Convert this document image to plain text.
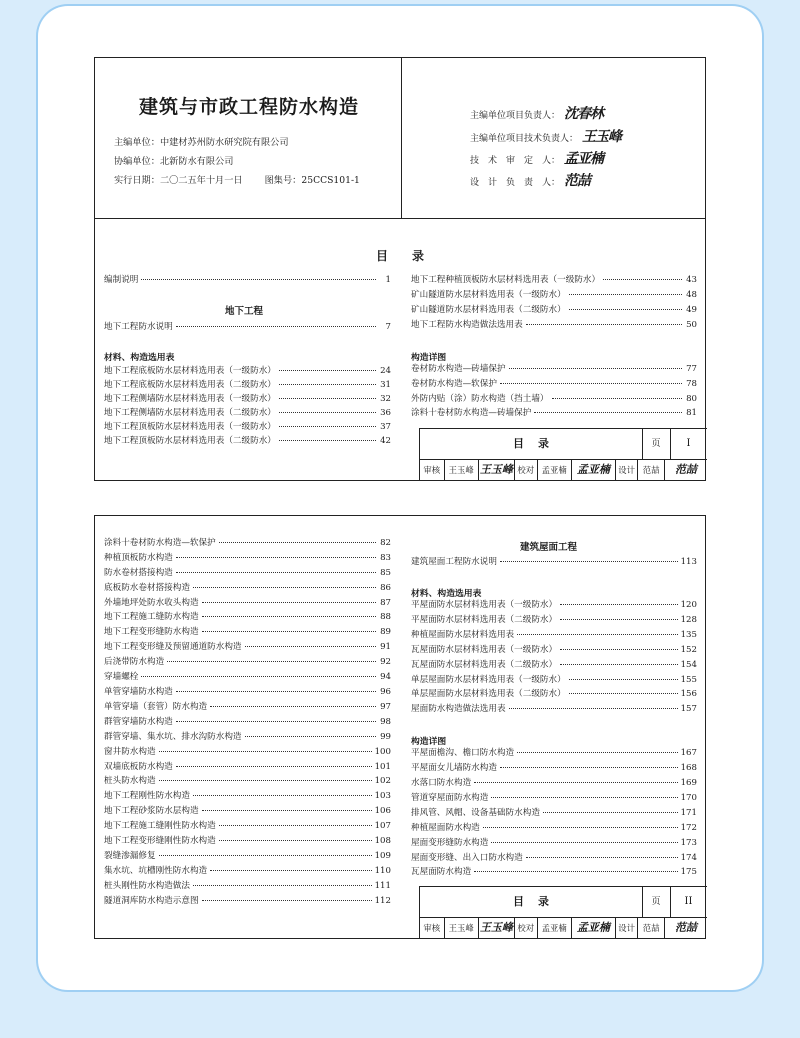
建筑与市政工程防水构造
主编单位：中建材苏州防水研究院有限公司
协编单位：北新防水有限公司
实行日期：二〇二五年十月一日 图集号：25CCS101-1
主编单位项目负责人： 沈春林
主编单位项目技术负责人： 王玉峰
技　术　审　定　人： 孟亚楠
设　计　负　责　人： 范喆
目录
编制说明	1
地下工程
地下工程防水说明	7
材料、构造选用表
地下工程底板防水层材料选用表（一级防水）	24
地下工程底板防水层材料选用表（二级防水）	31
地下工程侧墙防水层材料选用表（一级防水）	32
地下工程侧墙防水层材料选用表（二级防水）	36
地下工程顶板防水层材料选用表（一级防水）	37
地下工程顶板防水层材料选用表（二级防水）	42
地下工程种植顶板防水层材料选用表（一级防水）	43
矿山隧道防水层材料选用表（一级防水）	48
矿山隧道防水层材料选用表（二级防水）	49
地下工程防水构造做法选用表	50
构造详图
卷材防水构造—砖墙保护	77
卷材防水构造—软保护	78
外防内贴（涂）防水构造（挡土墙）	80
涂料十卷材防水构造—砖墙保护	81
目录	页	I
审核	王玉峰 王玉峰 校对 孟亚楠 孟亚楠	设计 范喆	范喆
涂料十卷材防水构造—软保护	82
种植顶板防水构造	83
防水卷材搭接构造	85
底板防水卷材搭接构造	86
外墙地坪处防水收头构造	87
地下工程施工缝防水构造	88
地下工程变形缝防水构造	89
地下工程变形缝及预留通道防水构造	91
后浇带防水构造	92
穿墙螺栓	94
单管穿墙防水构造	96
单管穿墙（套管）防水构造	97
群管穿墙防水构造	98
群管穿墙、集水坑、排水沟防水构造	99
窗井防水构造	100
双墙底板防水构造	101
桩头防水构造	102
地下工程刚性防水构造	103
地下工程砂浆防水层构造	106
地下工程施工缝刚性防水构造	107
地下工程变形缝刚性防水构造	108
裂缝渗漏修复	109
集水坑、坑槽刚性防水构造	110
桩头刚性防水构造做法	111
隧道洞库防水构造示意图	112
建筑屋面工程
建筑屋面工程防水说明	113
材料、构造选用表
平屋面防水层材料选用表（一级防水）	120
平屋面防水层材料选用表（二级防水）	128
种植屋面防水层材料选用表	135
瓦屋面防水层材料选用表（一级防水）	152
瓦屋面防水层材料选用表（二级防水）	154
单层屋面防水层材料选用表（一级防水）	155
单层屋面防水层材料选用表（二级防水）	156
屋面防水构造做法选用表	157
构造详图
平屋面檐沟、檐口防水构造	167
平屋面女儿墙防水构造	168
水落口防水构造	169
管道穿屋面防水构造	170
排风管、风帽、设备基础防水构造	171
种植屋面防水构造	172
屋面变形缝防水构造	173
屋面变形缝、出入口防水构造	174
瓦屋面防水构造	175
目录	页	II
审核	王玉峰 王玉峰 校对 孟亚楠 孟亚楠	设计 范喆	范喆
